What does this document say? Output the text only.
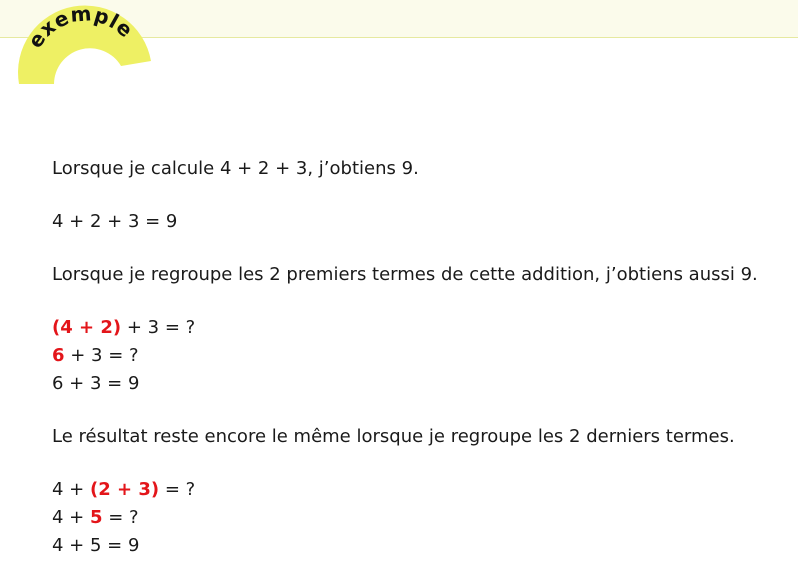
exemple

Lorsque je calcule 4 + 2 + 3, j’obtiens 9.

4 + 2 + 3 = 9

Lorsque je regroupe les 2 premiers termes de cette addition, j’obtiens aussi 9.

(4 + 2) + 3 = ?
6 + 3 = ?
6 + 3 = 9

Le résultat reste encore le même lorsque je regroupe les 2 derniers termes.

4 + (2 + 3) = ?
4 + 5 = ?
4 + 5 = 9
